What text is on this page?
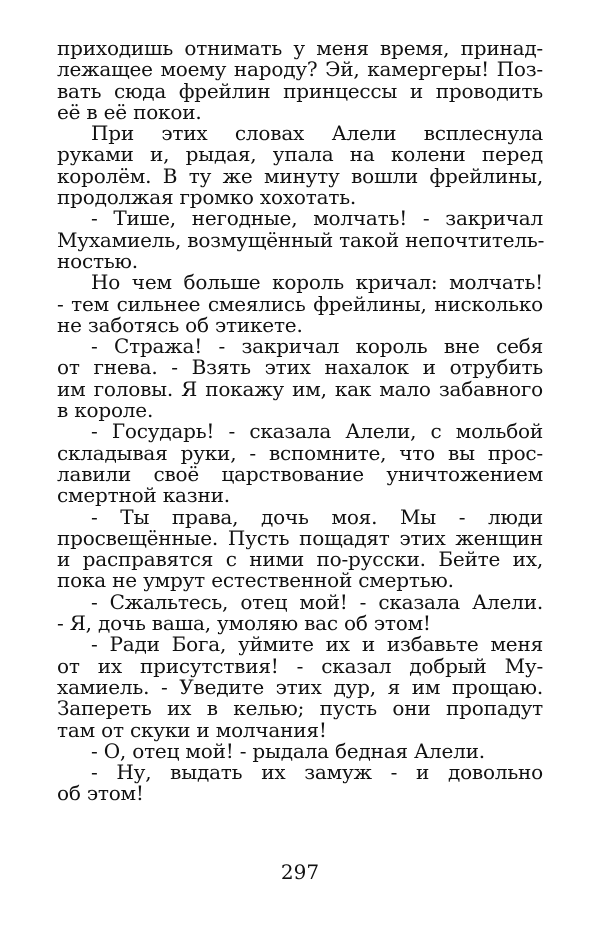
приходишь отнимать у меня время, принад-
лежащее моему народу? Эй, камергеры! Поз-
вать сюда фрейлин принцессы и проводить
её в её покои.
При этих словах Алели всплеснула
руками и, рыдая, упала на колени перед
королём. В ту же минуту вошли фрейлины,
продолжая громко хохотать.
- Тише, негодные, молчать! - закричал
Мухамиель, возмущённый такой непочтитель-
ностью.
Но чем больше король кричал: молчать!
- тем сильнее смеялись фрейлины, нисколько
не заботясь об этикете.
- Стража! - закричал король вне себя
от гнева. - Взять этих нахалок и отрубить
им головы. Я покажу им, как мало забавного
в короле.
- Государь! - сказала Алели, с мольбой
складывая руки, - вспомните, что вы прос-
лавили своё царствование уничтожением
смертной казни.
- Ты права, дочь моя. Мы - люди
просвещённые. Пусть пощадят этих женщин
и расправятся с ними по-русски. Бейте их,
пока не умрут естественной смертью.
- Сжальтесь, отец мой! - сказала Алели.
- Я, дочь ваша, умоляю вас об этом!
- Ради Бога, уймите их и избавьте меня
от их присутствия! - сказал добрый Му-
хамиель. - Уведите этих дур, я им прощаю.
Запереть их в келью; пусть они пропадут
там от скуки и молчания!
- О, отец мой! - рыдала бедная Алели.
- Ну, выдать их замуж - и довольно
об этом!
297
